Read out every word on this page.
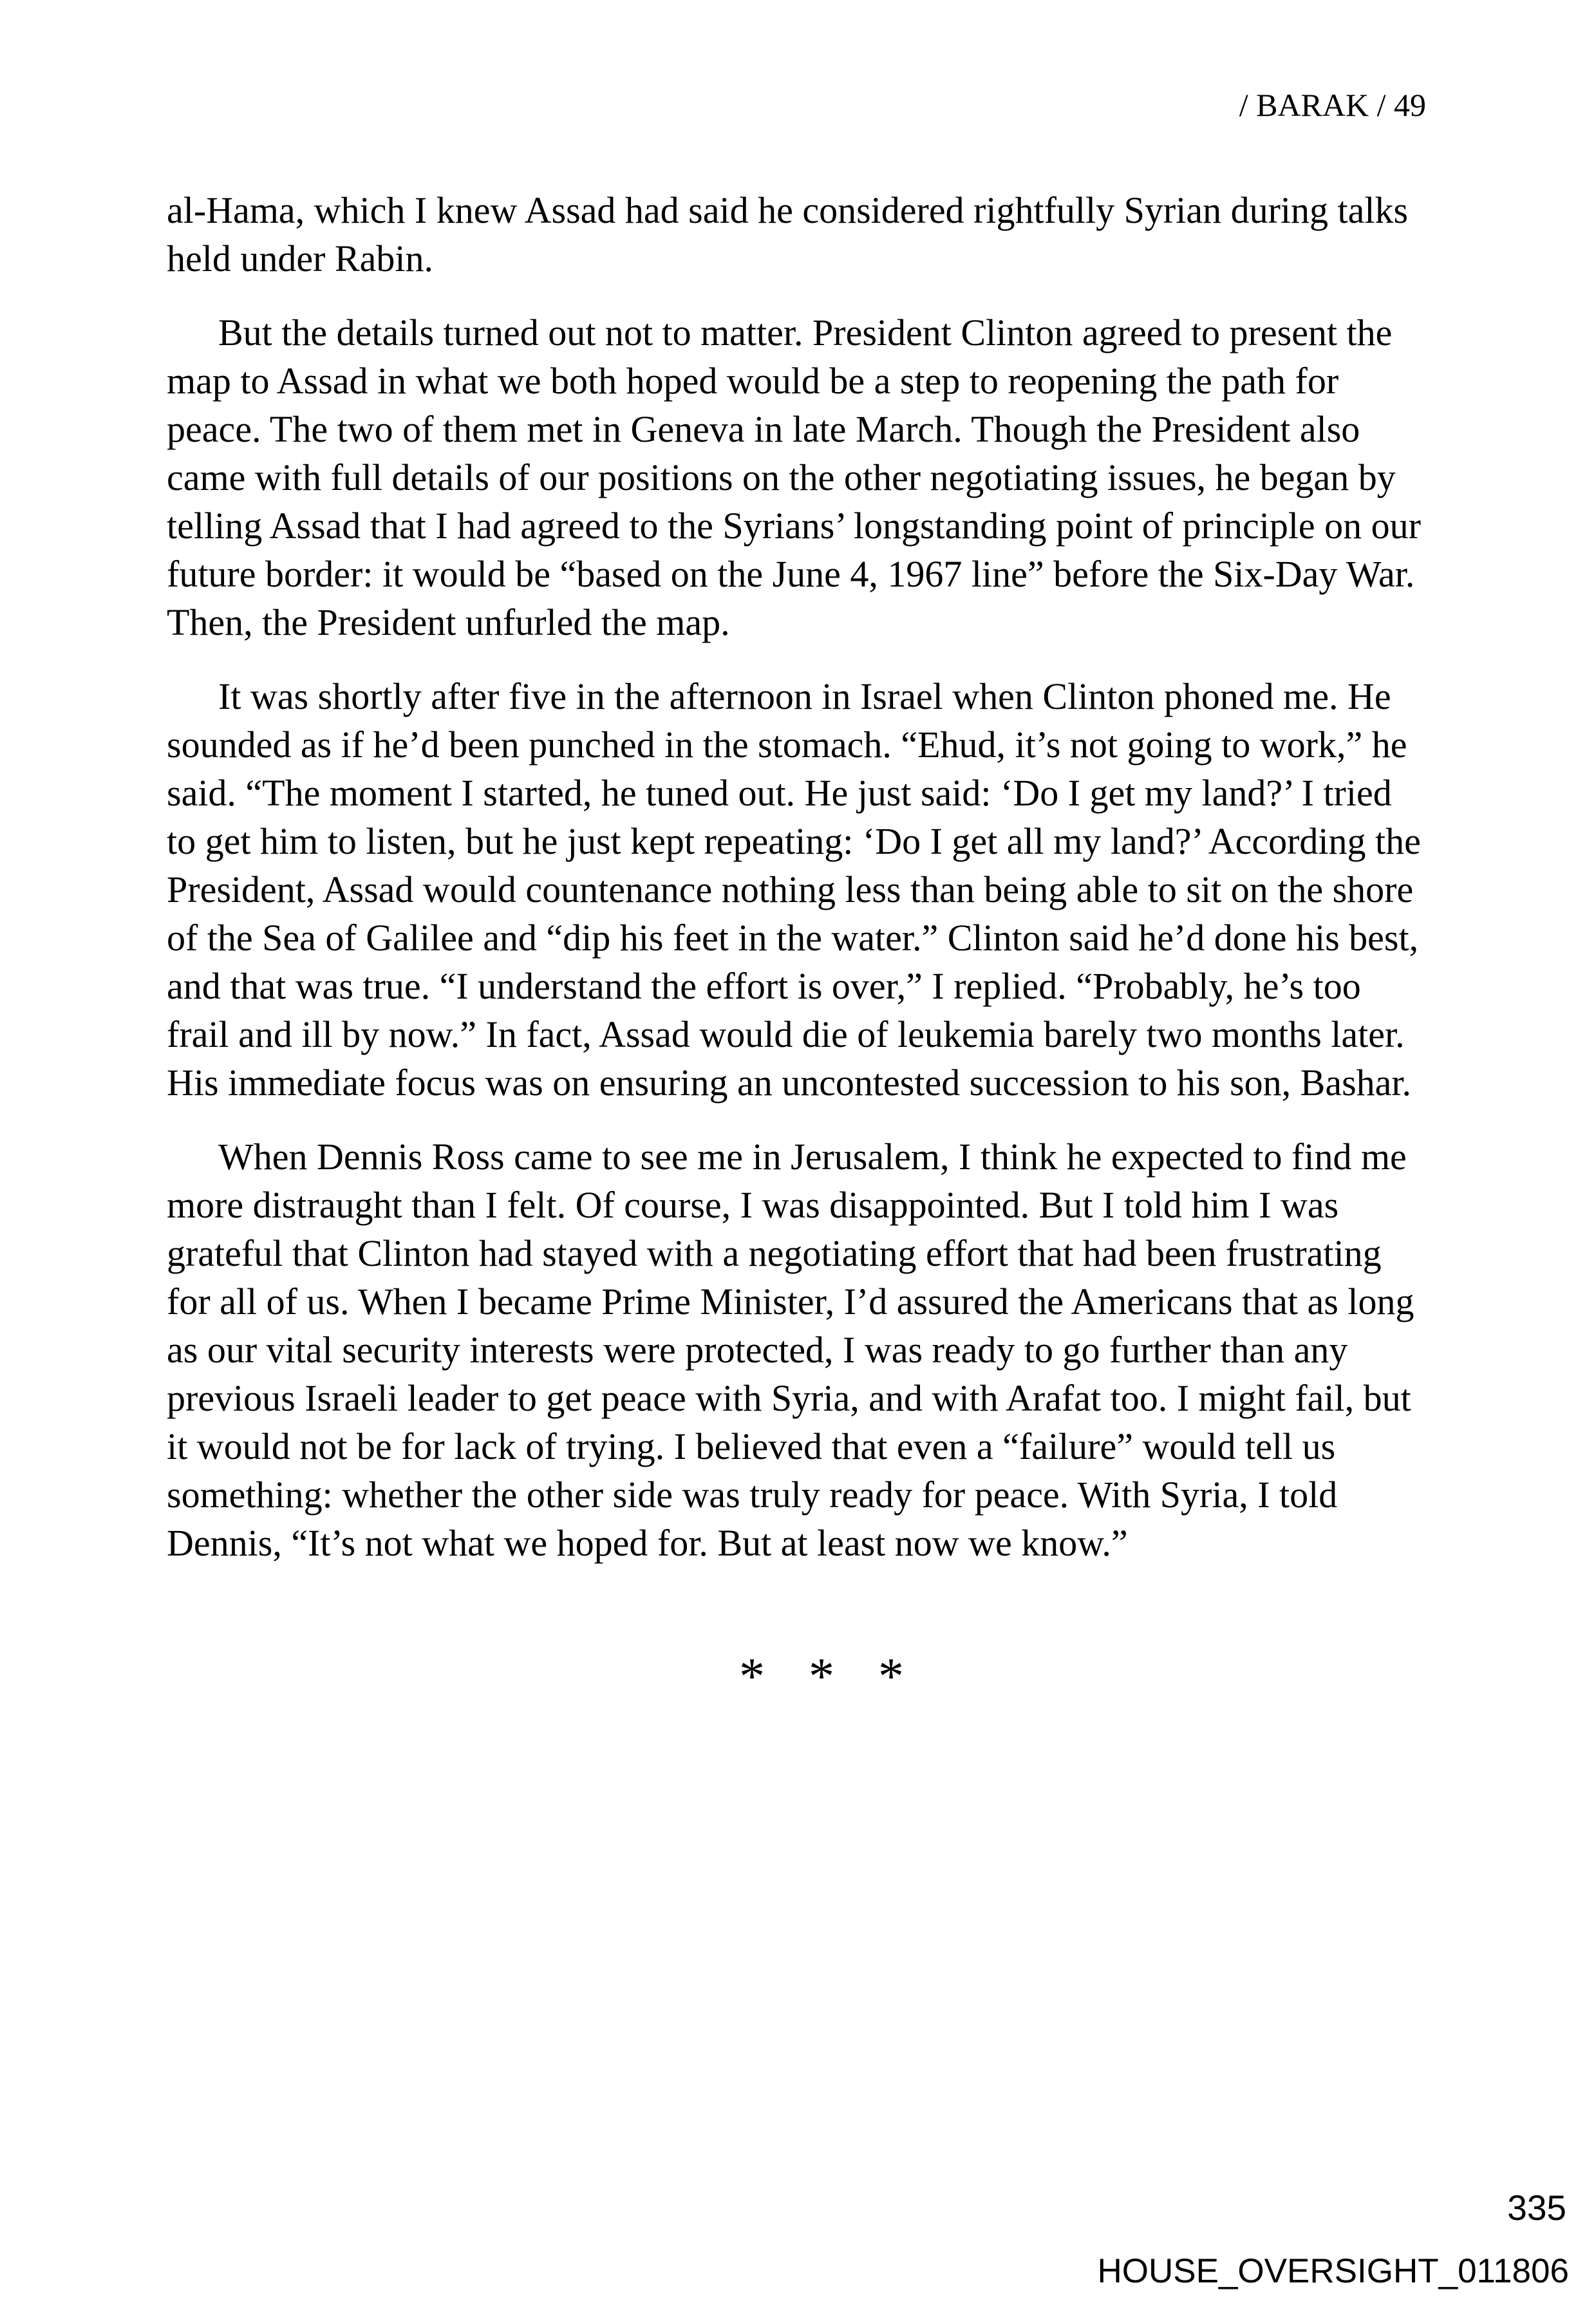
/ BARAK / 49

al-Hama, which I knew Assad had said he considered rightfully Syrian during talks held under Rabin.

But the details turned out not to matter. President Clinton agreed to present the map to Assad in what we both hoped would be a step to reopening the path for peace. The two of them met in Geneva in late March. Though the President also came with full details of our positions on the other negotiating issues, he began by telling Assad that I had agreed to the Syrians’ longstanding point of principle on our future border: it would be “based on the June 4, 1967 line” before the Six-Day War. Then, the President unfurled the map.

It was shortly after five in the afternoon in Israel when Clinton phoned me. He sounded as if he’d been punched in the stomach. “Ehud, it’s not going to work,” he said. “The moment I started, he tuned out. He just said: ‘Do I get my land?’ I tried to get him to listen, but he just kept repeating: ‘Do I get all my land?’ According the President, Assad would countenance nothing less than being able to sit on the shore of the Sea of Galilee and “dip his feet in the water.” Clinton said he’d done his best, and that was true. “I understand the effort is over,” I replied. “Probably, he’s too frail and ill by now.” In fact, Assad would die of leukemia barely two months later. His immediate focus was on ensuring an uncontested succession to his son, Bashar.

When Dennis Ross came to see me in Jerusalem, I think he expected to find me more distraught than I felt. Of course, I was disappointed. But I told him I was grateful that Clinton had stayed with a negotiating effort that had been frustrating for all of us. When I became Prime Minister, I’d assured the Americans that as long as our vital security interests were protected, I was ready to go further than any previous Israeli leader to get peace with Syria, and with Arafat too. I might fail, but it would not be for lack of trying. I believed that even a “failure” would tell us something: whether the other side was truly ready for peace. With Syria, I told Dennis, “It’s not what we hoped for. But at least now we know.”

* * *
335
HOUSE_OVERSIGHT_011806
